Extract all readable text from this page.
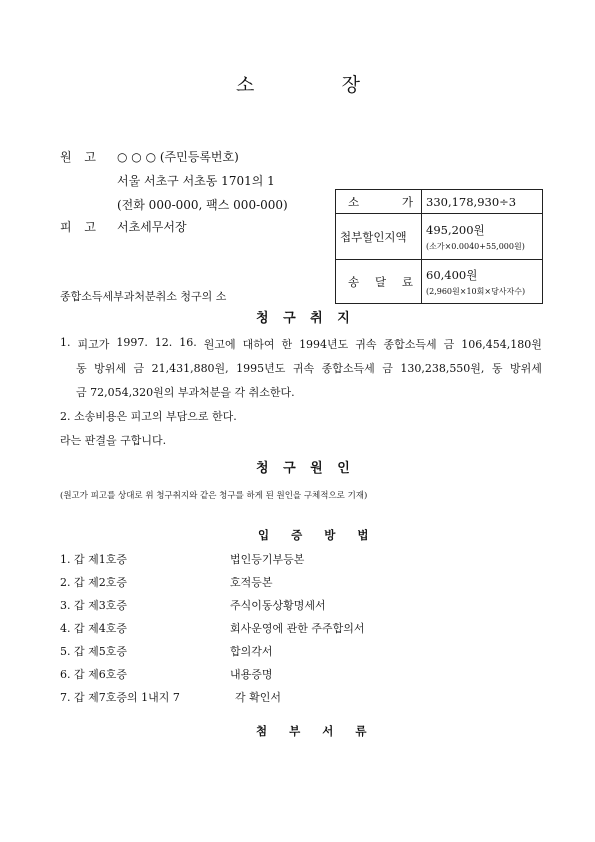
소	장
원 고 ○ ○ ○ (주민등록번호)
서울 서초구 서초동 1701의 1
(전화 000-000, 팩스 000-000)
피 고 서초세무서장
소 가	330,178,930÷3
첩부할인지액	495,200원
(소가×0.0040+55,000원)

송 달 료	60,400원
(2,960원×10회×당사자수)
종합소득세부과처분취소 청구의 소
청 구 취 지
1. 피고가 1997. 12. 16. 원고에 대하여 한 1994년도 귀속 종합소득세 금 106,454,180원
동 방위세 금 21,431,880원, 1995년도 귀속 종합소득세 금 130,238,550원, 동 방위세
금 72,054,320원의 부과처분을 각 취소한다.
2. 소송비용은 피고의 부담으로 한다.
라는 판결을 구합니다.
청 구 원 인
(원고가 피고를 상대로 위 청구취지와 같은 청구를 하게 된 원인을 구체적으로 기재)
입 증 방 법
1. 갑 제1호증	법인등기부등본
2. 갑 제2호증	호적등본
3. 갑 제3호증	주식이동상황명세서
4. 갑 제4호증	회사운영에 관한 주주합의서
5. 갑 제5호증	합의각서
6. 갑 제6호증	내용증명
7. 갑 제7호증의 1내지 7	각 확인서
첨 부 서 류
